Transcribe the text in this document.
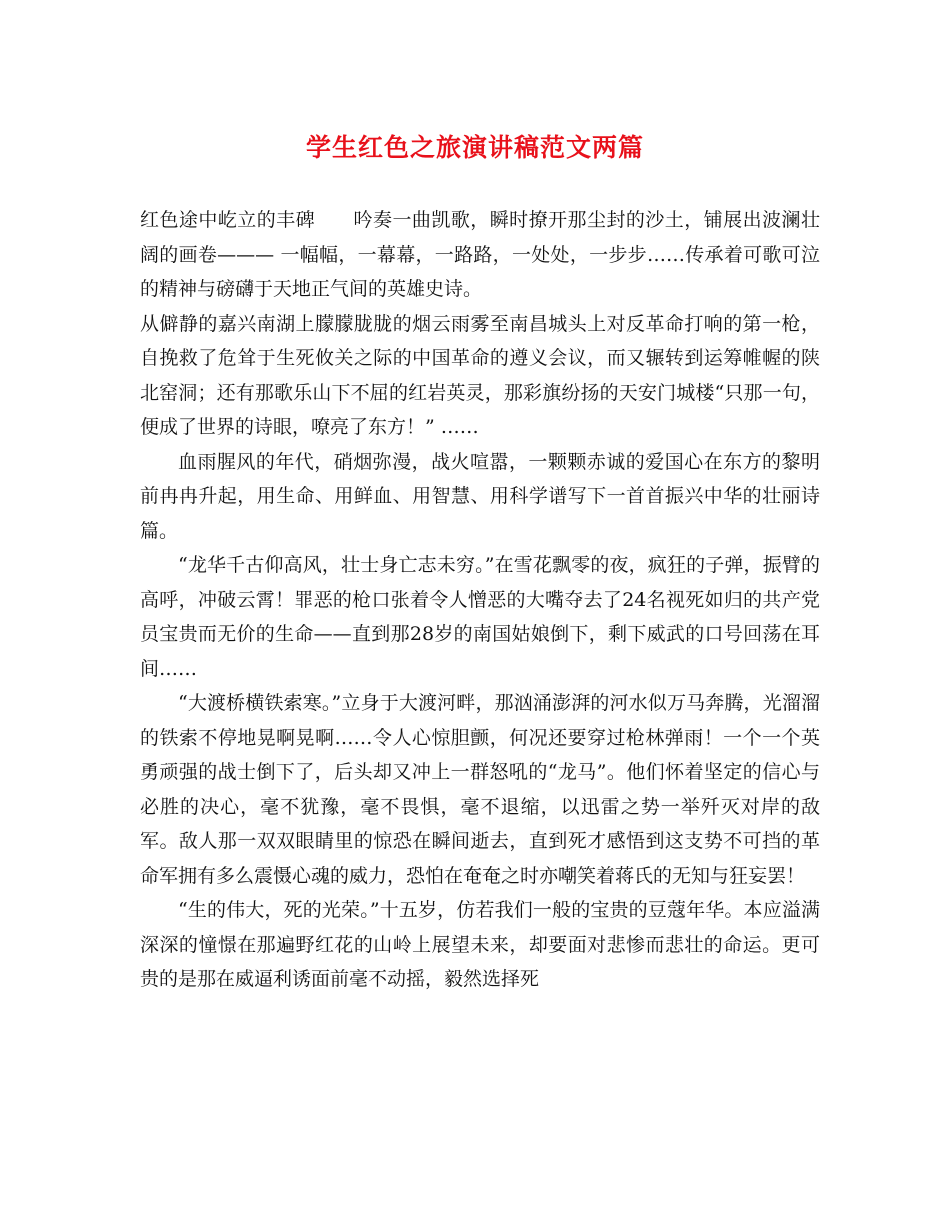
学生红色之旅演讲稿范文两篇

红色途中屹立的丰碑 吟奏一曲凯歌，瞬时撩开那尘封的沙土，铺展出波澜壮阔的画卷——— 一幅幅，一幕幕，一路路，一处处，一步步……传承着可歌可泣的精神与磅礴于天地正气间的英雄史诗。

从僻静的嘉兴南湖上朦朦胧胧的烟云雨雾至南昌城头上对反革命打响的第一枪，自挽救了危耸于生死攸关之际的中国革命的遵义会议，而又辗转到运筹帷幄的陕北窑洞；还有那歌乐山下不屈的红岩英灵，那彩旗纷扬的天安门城楼“只那一句，便成了世界的诗眼，嘹亮了东方！” ……

血雨腥风的年代，硝烟弥漫，战火喧嚣，一颗颗赤诚的爱国心在东方的黎明前冉冉升起，用生命、用鲜血、用智慧、用科学谱写下一首首振兴中华的壮丽诗篇。

“龙华千古仰高风，壮士身亡志未穷。”在雪花飘零的夜，疯狂的子弹，振臂的高呼，冲破云霄！罪恶的枪口张着令人憎恶的大嘴夺去了24名视死如归的共产党员宝贵而无价的生命——直到那28岁的南国姑娘倒下，剩下威武的口号回荡在耳间……

“大渡桥横铁索寒。”立身于大渡河畔，那汹涌澎湃的河水似万马奔腾，光溜溜的铁索不停地晃啊晃啊……令人心惊胆颤，何况还要穿过枪林弹雨！一个一个英勇顽强的战士倒下了，后头却又冲上一群怒吼的“龙马”。他们怀着坚定的信心与必胜的决心，毫不犹豫，毫不畏惧，毫不退缩，以迅雷之势一举歼灭对岸的敌军。敌人那一双双眼睛里的惊恐在瞬间逝去，直到死才感悟到这支势不可挡的革命军拥有多么震慑心魂的威力，恐怕在奄奄之时亦嘲笑着蒋氏的无知与狂妄罢！

“生的伟大，死的光荣。”十五岁，仿若我们一般的宝贵的豆蔻年华。本应溢满深深的憧憬在那遍野红花的山岭上展望未来，却要面对悲惨而悲壮的命运。更可贵的是那在威逼利诱面前毫不动摇，毅然选择死
